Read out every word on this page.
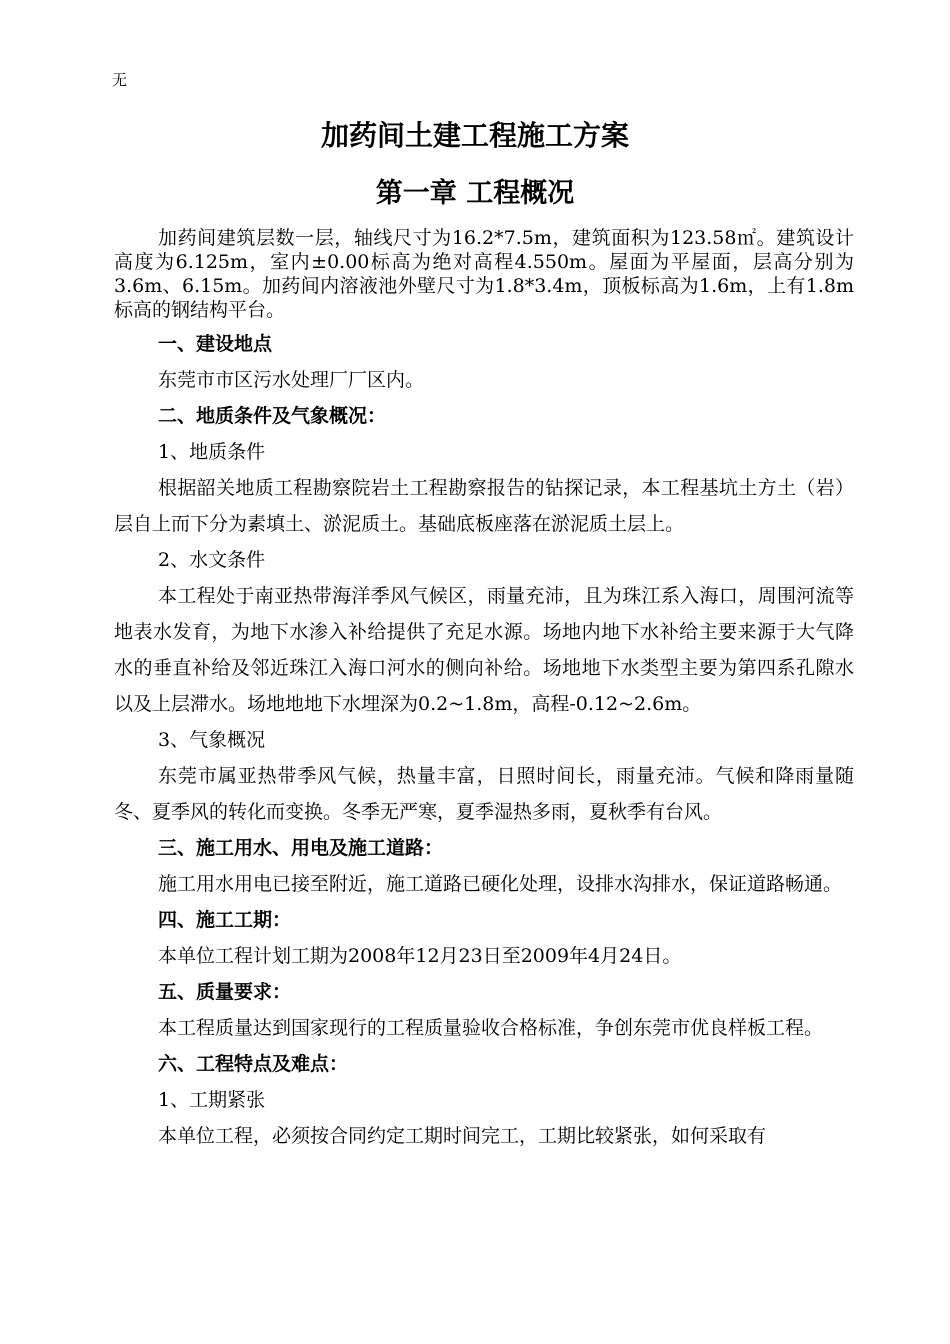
无
加药间土建工程施工方案
第一章 工程概况

加药间建筑层数一层，轴线尺寸为16.2*7.5m，建筑面积为123.58㎡。建筑设计高度为6.125m，室内±0.00标高为绝对高程4.550m。屋面为平屋面，层高分别为3.6m、6.15m。加药间内溶液池外壁尺寸为1.8*3.4m，顶板标高为1.6m，上有1.8m标高的钢结构平台。

一、建设地点

东莞市市区污水处理厂厂区内。

二、地质条件及气象概况：

1、地质条件

根据韶关地质工程勘察院岩土工程勘察报告的钻探记录，本工程基坑土方土（岩）层自上而下分为素填土、淤泥质土。基础底板座落在淤泥质土层上。

2、水文条件

本工程处于南亚热带海洋季风气候区，雨量充沛，且为珠江系入海口，周围河流等地表水发育，为地下水渗入补给提供了充足水源。场地内地下水补给主要来源于大气降水的垂直补给及邻近珠江入海口河水的侧向补给。场地地下水类型主要为第四系孔隙水以及上层滞水。场地地地下水埋深为0.2~1.8m，高程-0.12~2.6m。

3、气象概况

东莞市属亚热带季风气候，热量丰富，日照时间长，雨量充沛。气候和降雨量随冬、夏季风的转化而变换。冬季无严寒，夏季湿热多雨，夏秋季有台风。

三、施工用水、用电及施工道路：

施工用水用电已接至附近，施工道路已硬化处理，设排水沟排水，保证道路畅通。

四、施工工期：

本单位工程计划工期为2008年12月23日至2009年4月24日。

五、质量要求：

本工程质量达到国家现行的工程质量验收合格标准，争创东莞市优良样板工程。

六、工程特点及难点：

1、工期紧张

本单位工程，必须按合同约定工期时间完工，工期比较紧张，如何采取有
